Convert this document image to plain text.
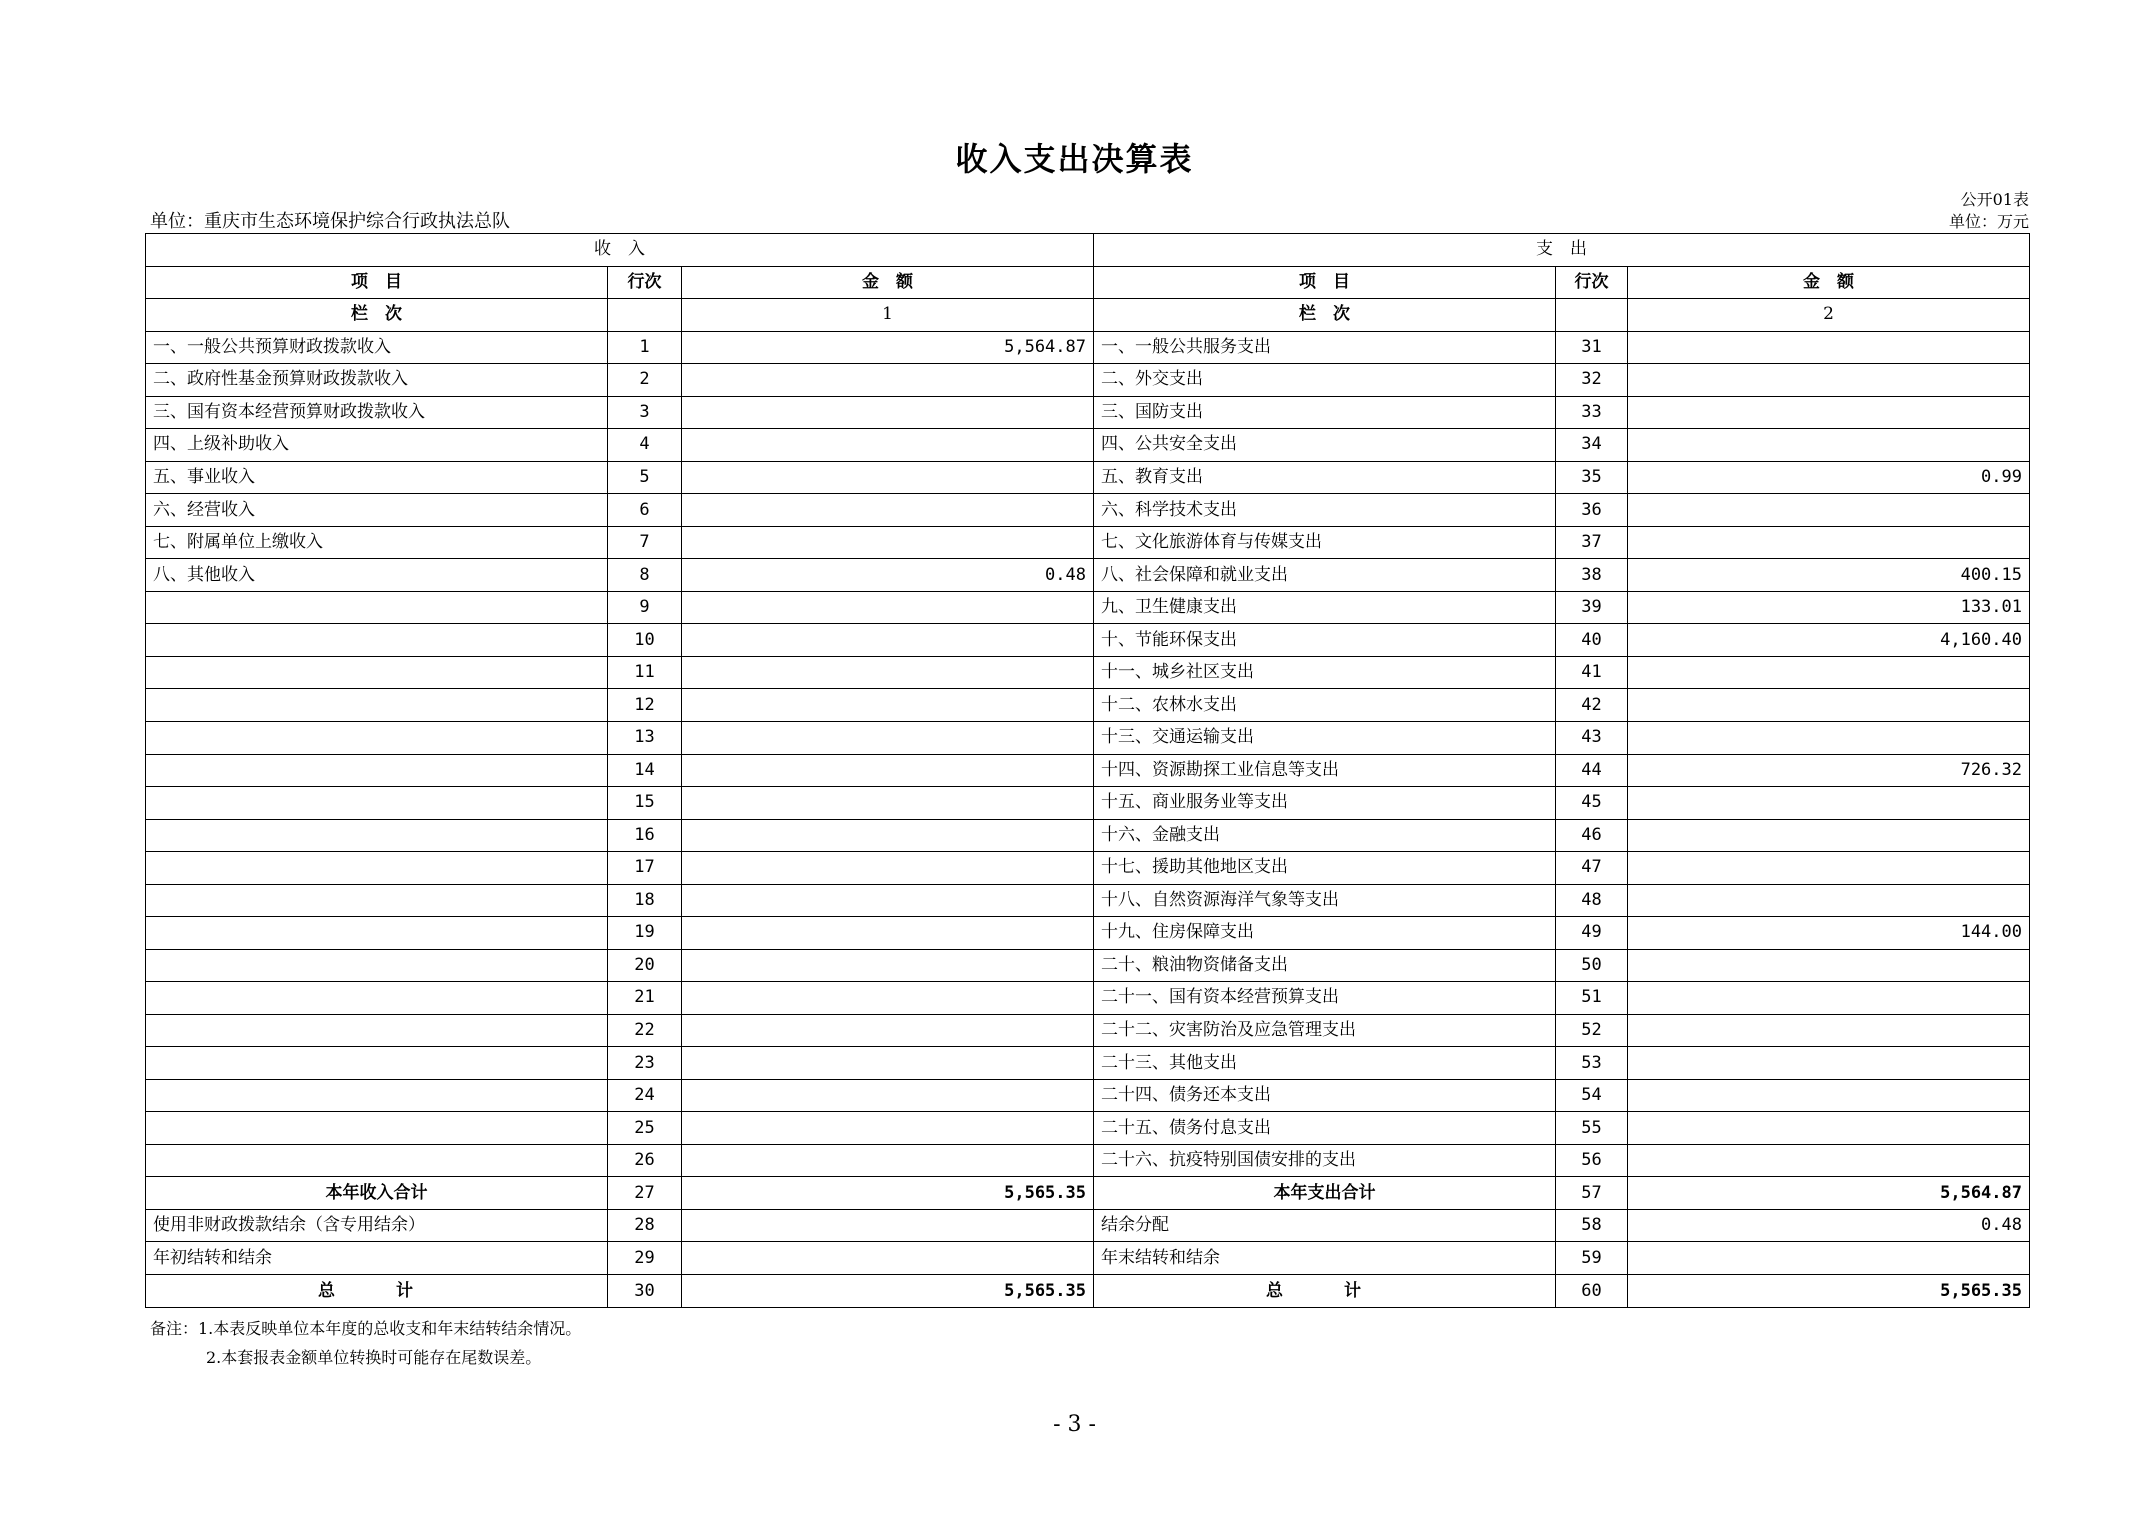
收入支出决算表
公开01表
单位：重庆市生态环境保护综合行政执法总队	单位：万元
收　入			支　出		
项　目	行次	金　额	项　目	行次	金　额
栏　次		1	栏　次		2
一、一般公共预算财政拨款收入	1	5,564.87	一、一般公共服务支出	31	
二、政府性基金预算财政拨款收入	2		二、外交支出	32	
三、国有资本经营预算财政拨款收入	3		三、国防支出	33	
四、上级补助收入	4		四、公共安全支出	34	
五、事业收入	5		五、教育支出	35	0.99
六、经营收入	6		六、科学技术支出	36	
七、附属单位上缴收入	7		七、文化旅游体育与传媒支出	37	
八、其他收入	8	0.48	八、社会保障和就业支出	38	400.15
	9		九、卫生健康支出	39	133.01
	10		十、节能环保支出	40	4,160.40
	11		十一、城乡社区支出	41	
	12		十二、农林水支出	42	
	13		十三、交通运输支出	43	
	14		十四、资源勘探工业信息等支出	44	726.32
	15		十五、商业服务业等支出	45	
	16		十六、金融支出	46	
	17		十七、援助其他地区支出	47	
	18		十八、自然资源海洋气象等支出	48	
	19		十九、住房保障支出	49	144.00
	20		二十、粮油物资储备支出	50	
	21		二十一、国有资本经营预算支出	51	
	22		二十二、灾害防治及应急管理支出	52	
	23		二十三、其他支出	53	
	24		二十四、债务还本支出	54	
	25		二十五、债务付息支出	55	
	26		二十六、抗疫特别国债安排的支出	56	
本年收入合计	27	5,565.35	本年支出合计	57	5,564.87
使用非财政拨款结余（含专用结余）	28		结余分配	58	0.48
年初结转和结余	29		年末结转和结余	59	
总　计	30	5,565.35	总　计	60	5,565.35
备注：1.本表反映单位本年度的总收支和年末结转结余情况。
2.本套报表金额单位转换时可能存在尾数误差。
- 3 -
